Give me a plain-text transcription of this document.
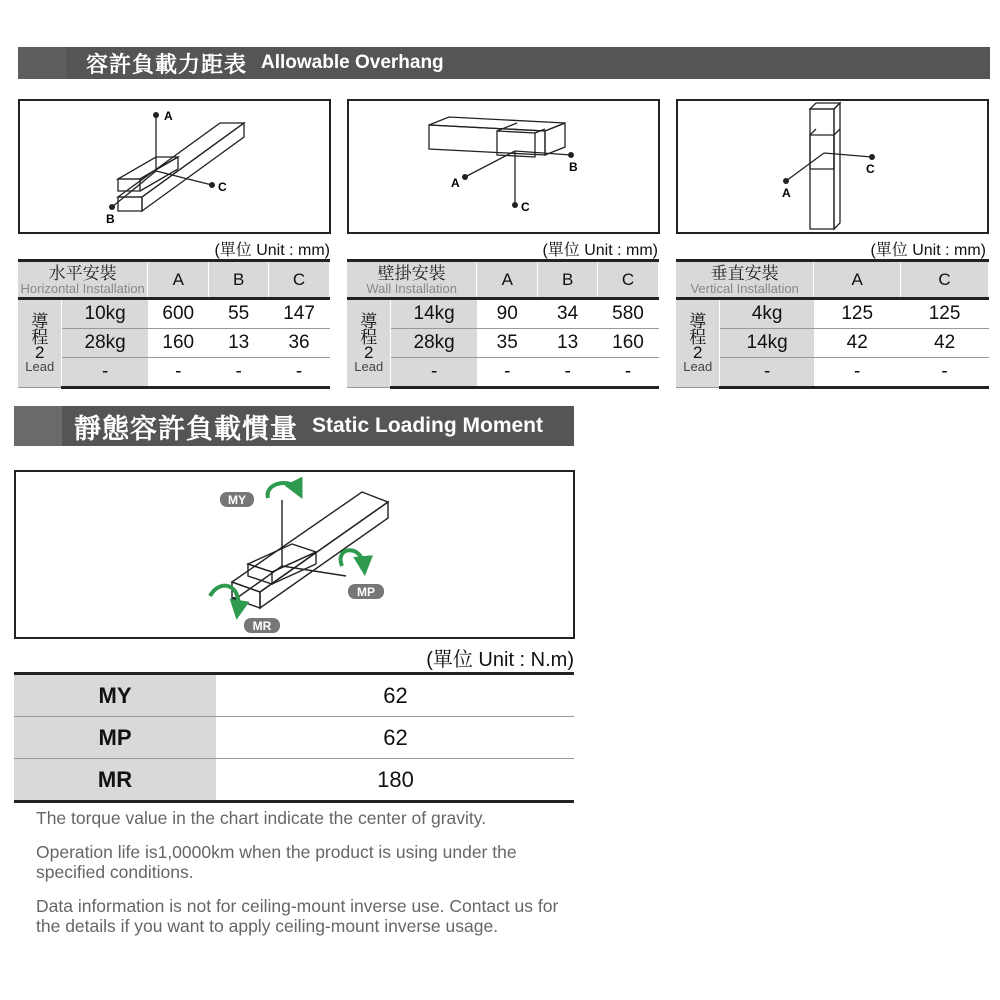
容許負載力距表 Allowable Overhang
A
C
B
(單位 Unit : mm)
A
B
C
(單位 Unit : mm)
C
A
(單位 Unit : mm)
水平安裝
Horizontal Installation		A	B	C
導
程
2
Lead	10kg	600	55	147
	28kg	160	13	36
	-	-	-	-
壁掛安裝
Wall Installation		A	B	C
導
程
2
Lead	14kg	90	34	580
	28kg	35	13	160
	-	-	-	-
垂直安裝
Vertical Installation		A	C
導
程
2
Lead	4kg	125	125
	14kg	42	42
	-	-	-
靜態容許負載慣量 Static Loading Moment
MY
MP
MR
(單位 Unit : N.m)
MY	62
MP	62
MR	180
The torque value in the chart indicate the center of gravity.
Operation life is1,0000km when the product is using under the specified conditions.
Data information is not for ceiling-mount inverse use. Contact us for the details if you want to apply ceiling-mount inverse usage.
